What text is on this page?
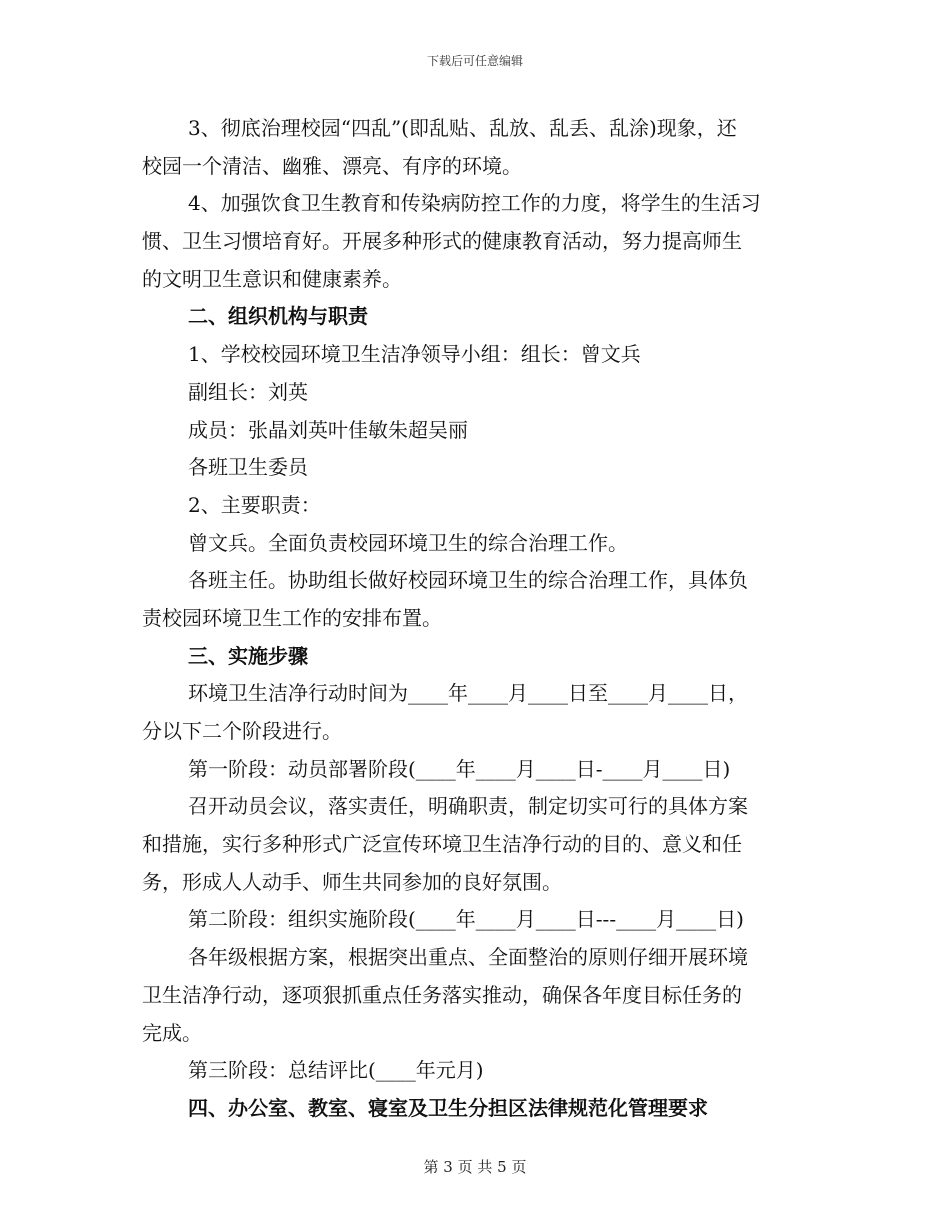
下载后可任意编辑
3、彻底治理校园“四乱”(即乱贴、乱放、乱丢、乱涂)现象，还
校园一个清洁、幽雅、漂亮、有序的环境。
4、加强饮食卫生教育和传染病防控工作的力度，将学生的生活习
惯、卫生习惯培育好。开展多种形式的健康教育活动，努力提高师生
的文明卫生意识和健康素养。
二、组织机构与职责
1、学校校园环境卫生洁净领导小组：组长：曾文兵
副组长：刘英
成员：张晶刘英叶佳敏朱超吴丽
各班卫生委员
2、主要职责：
曾文兵。全面负责校园环境卫生的综合治理工作。
各班主任。协助组长做好校园环境卫生的综合治理工作，具体负
责校园环境卫生工作的安排布置。
三、实施步骤
环境卫生洁净行动时间为____年____月____日至____月____日，
分以下二个阶段进行。
第一阶段：动员部署阶段(____年____月____日-____月____日)
召开动员会议，落实责任，明确职责，制定切实可行的具体方案
和措施，实行多种形式广泛宣传环境卫生洁净行动的目的、意义和任
务，形成人人动手、师生共同参加的良好氛围。
第二阶段：组织实施阶段(____年____月____日---____月____日)
各年级根据方案，根据突出重点、全面整治的原则仔细开展环境
卫生洁净行动，逐项狠抓重点任务落实推动，确保各年度目标任务的
完成。
第三阶段：总结评比(____年元月)
四、办公室、教室、寝室及卫生分担区法律规范化管理要求
第 3 页 共 5 页
